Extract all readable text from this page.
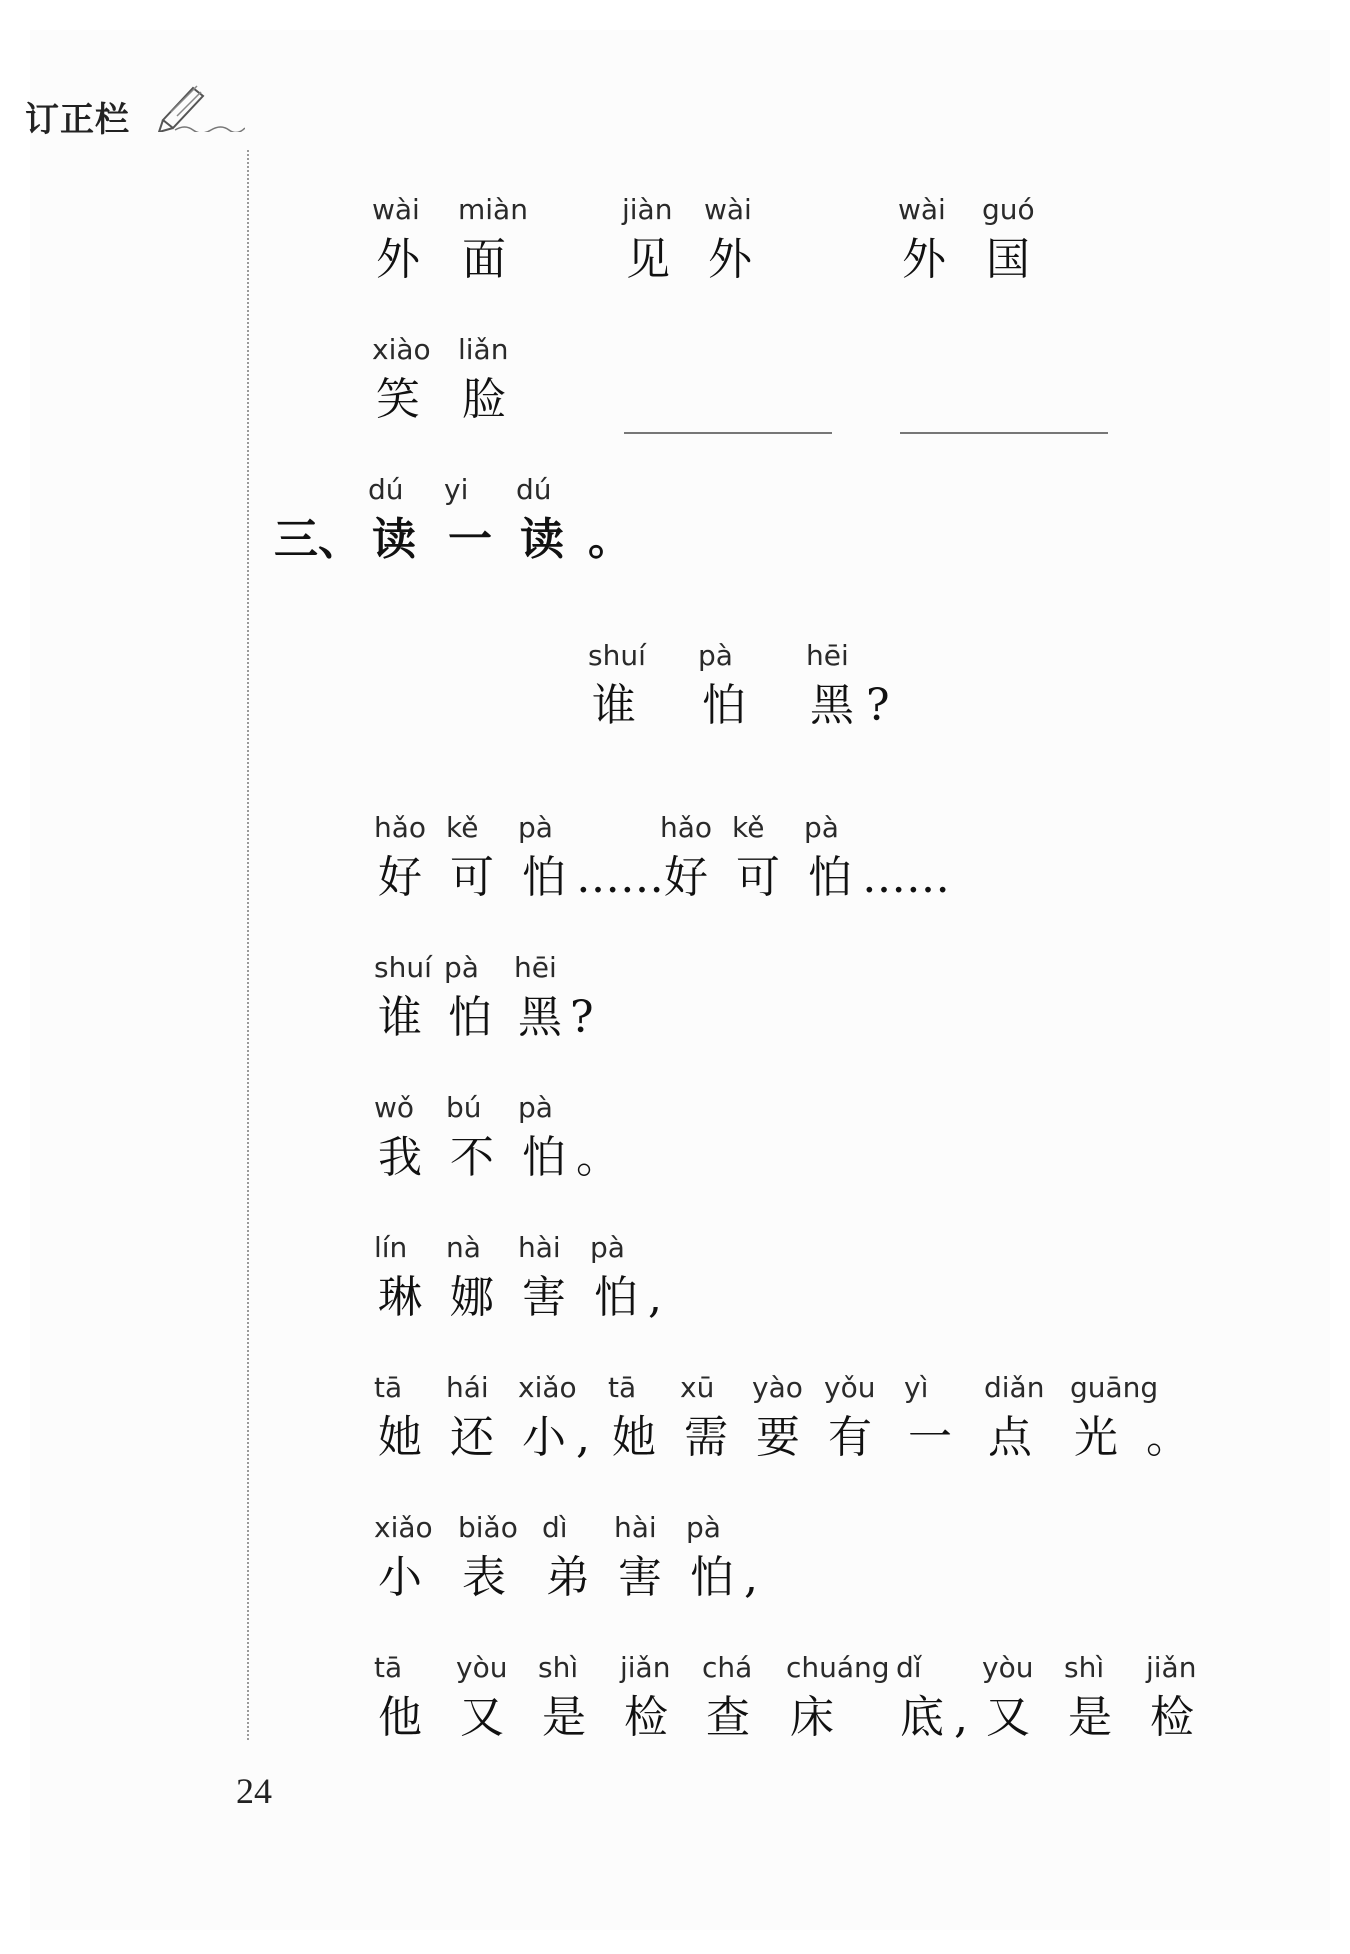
订正栏
wài
外
miàn
面
jiàn
见
wài
外
wài
外
guó
国
xiào
笑
liǎn
脸
三、
dú
读
yi
一
dú
读 。
shuí
谁
pà
怕
hēi
黑 ?
hǎo
好
kě
可
pà
怕 ……
hǎo
好
kě
可
pà
怕 ……
shuí
谁
pà
怕
hēi
黑 ?
wǒ
我
bú
不
pà
怕 。
lín
琳
nà
娜
hài
害
pà
怕 ,
tā
她
hái
还
xiǎo
小 ,
tā
她
xū
需
yào
要
yǒu
有
yì
一
diǎn
点
guāng
光 。
xiǎo
小
biǎo
表
dì
弟
hài
害
pà
怕 ,
tā
他
yòu
又
shì
是
jiǎn
检
chá
查
chuáng
床
dǐ
底 ,
yòu
又
shì
是
jiǎn
检
24
